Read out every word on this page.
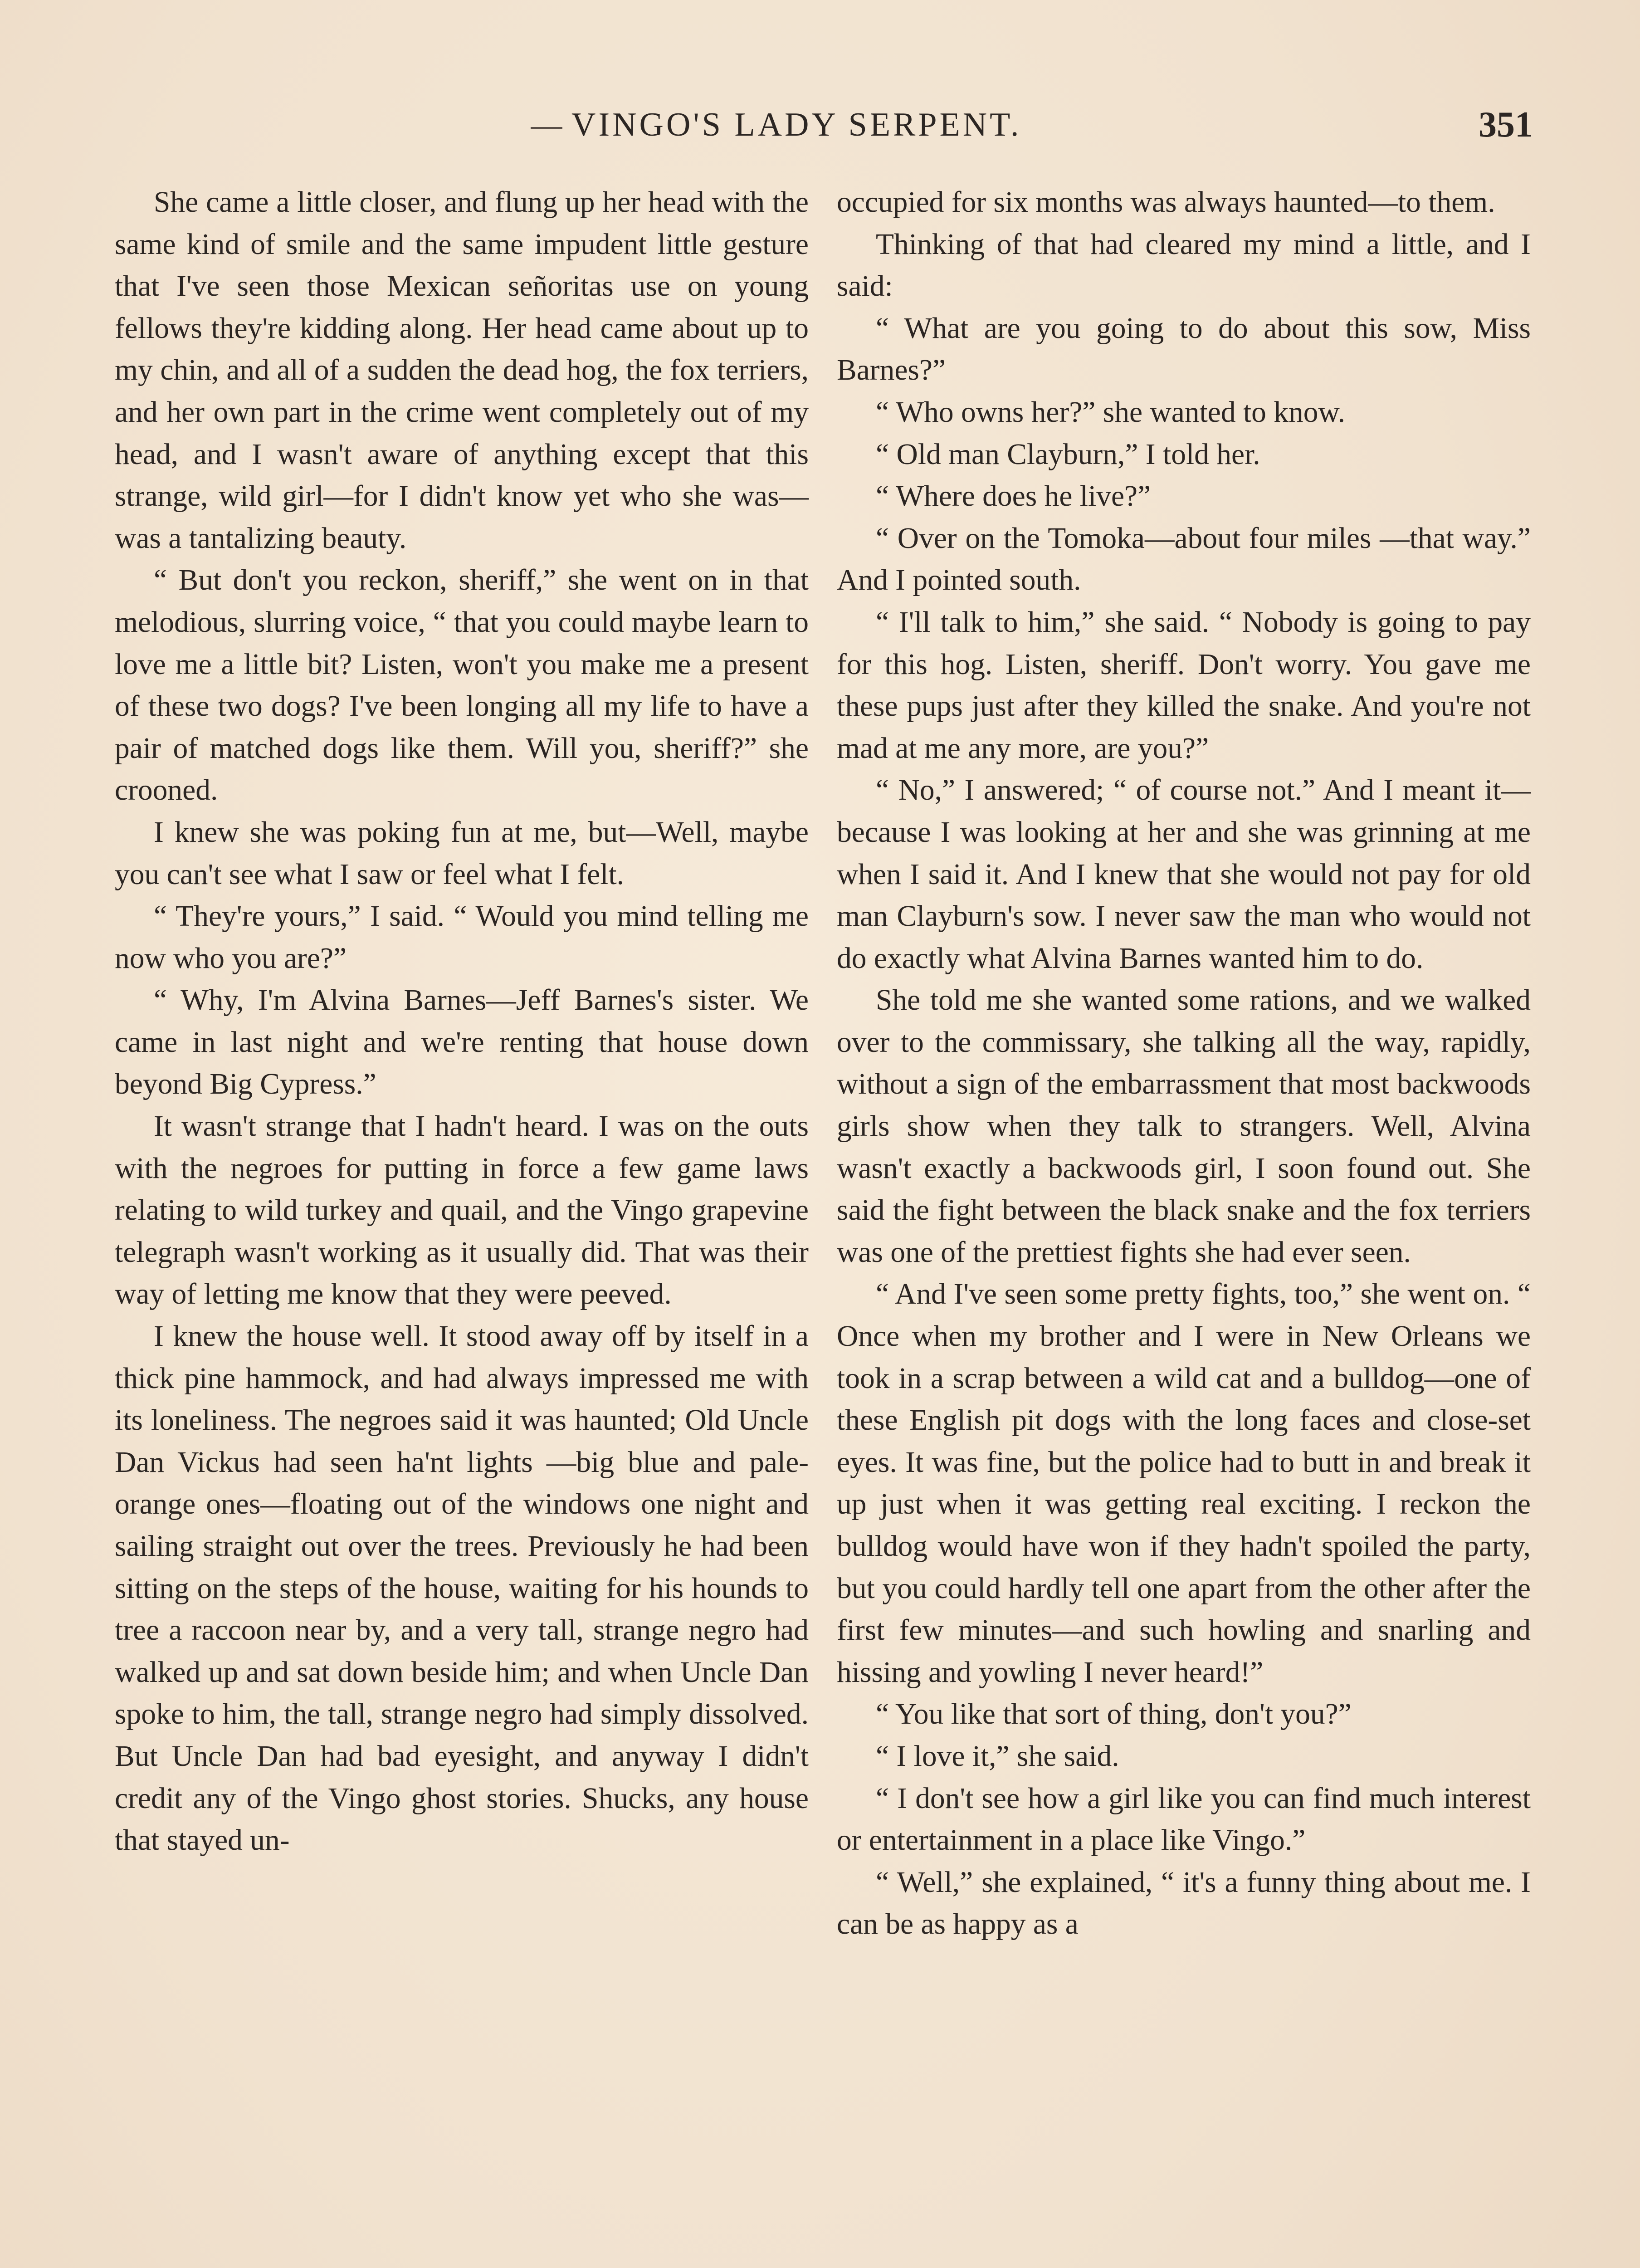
VINGO'S LADY SERPENT.	351

She came a little closer, and flung up her head with the same kind of smile and the same impudent little gesture that I've seen those Mexican señoritas use on young fellows they're kidding along. Her head came about up to my chin, and all of a sudden the dead hog, the fox terriers, and her own part in the crime went completely out of my head, and I wasn't aware of anything except that this strange, wild girl—for I didn't know yet who she was—was a tantalizing beauty.

“ But don't you reckon, sheriff,” she went on in that melodious, slurring voice, “ that you could maybe learn to love me a little bit? Listen, won't you make me a present of these two dogs? I've been longing all my life to have a pair of matched dogs like them. Will you, sheriff?” she crooned.

I knew she was poking fun at me, but—Well, maybe you can't see what I saw or feel what I felt.

“ They're yours,” I said. “ Would you mind telling me now who you are?”

“ Why, I'm Alvina Barnes—Jeff Barnes's sister. We came in last night and we're renting that house down beyond Big Cypress.”

It wasn't strange that I hadn't heard. I was on the outs with the negroes for putting in force a few game laws relating to wild turkey and quail, and the Vingo grapevine telegraph wasn't working as it usually did. That was their way of letting me know that they were peeved.

I knew the house well. It stood away off by itself in a thick pine hammock, and had always impressed me with its loneliness. The negroes said it was haunted; Old Uncle Dan Vickus had seen ha'nt lights —big blue and pale-orange ones—floating out of the windows one night and sailing straight out over the trees. Previously he had been sitting on the steps of the house, waiting for his hounds to tree a raccoon near by, and a very tall, strange negro had walked up and sat down beside him; and when Uncle Dan spoke to him, the tall, strange negro had simply dissolved. But Uncle Dan had bad eyesight, and anyway I didn't credit any of the Vingo ghost stories. Shucks, any house that stayed un-

occupied for six months was always haunted—to them.

Thinking of that had cleared my mind a little, and I said:

“ What are you going to do about this sow, Miss Barnes?”

“ Who owns her?” she wanted to know.

“ Old man Clayburn,” I told her.

“ Where does he live?”

“ Over on the Tomoka—about four miles —that way.” And I pointed south.

“ I'll talk to him,” she said. “ Nobody is going to pay for this hog. Listen, sheriff. Don't worry. You gave me these pups just after they killed the snake. And you're not mad at me any more, are you?”

“ No,” I answered; “ of course not.” And I meant it—because I was looking at her and she was grinning at me when I said it. And I knew that she would not pay for old man Clayburn's sow. I never saw the man who would not do exactly what Alvina Barnes wanted him to do.

She told me she wanted some rations, and we walked over to the commissary, she talking all the way, rapidly, without a sign of the embarrassment that most backwoods girls show when they talk to strangers. Well, Alvina wasn't exactly a backwoods girl, I soon found out. She said the fight between the black snake and the fox terriers was one of the prettiest fights she had ever seen.

“ And I've seen some pretty fights, too,” she went on. “ Once when my brother and I were in New Orleans we took in a scrap between a wild cat and a bulldog—one of these English pit dogs with the long faces and close-set eyes. It was fine, but the police had to butt in and break it up just when it was getting real exciting. I reckon the bulldog would have won if they hadn't spoiled the party, but you could hardly tell one apart from the other after the first few minutes—and such howling and snarling and hissing and yowling I never heard!”

“ You like that sort of thing, don't you?”

“ I love it,” she said.

“ I don't see how a girl like you can find much interest or entertainment in a place like Vingo.”

“ Well,” she explained, “ it's a funny thing about me. I can be as happy as a
